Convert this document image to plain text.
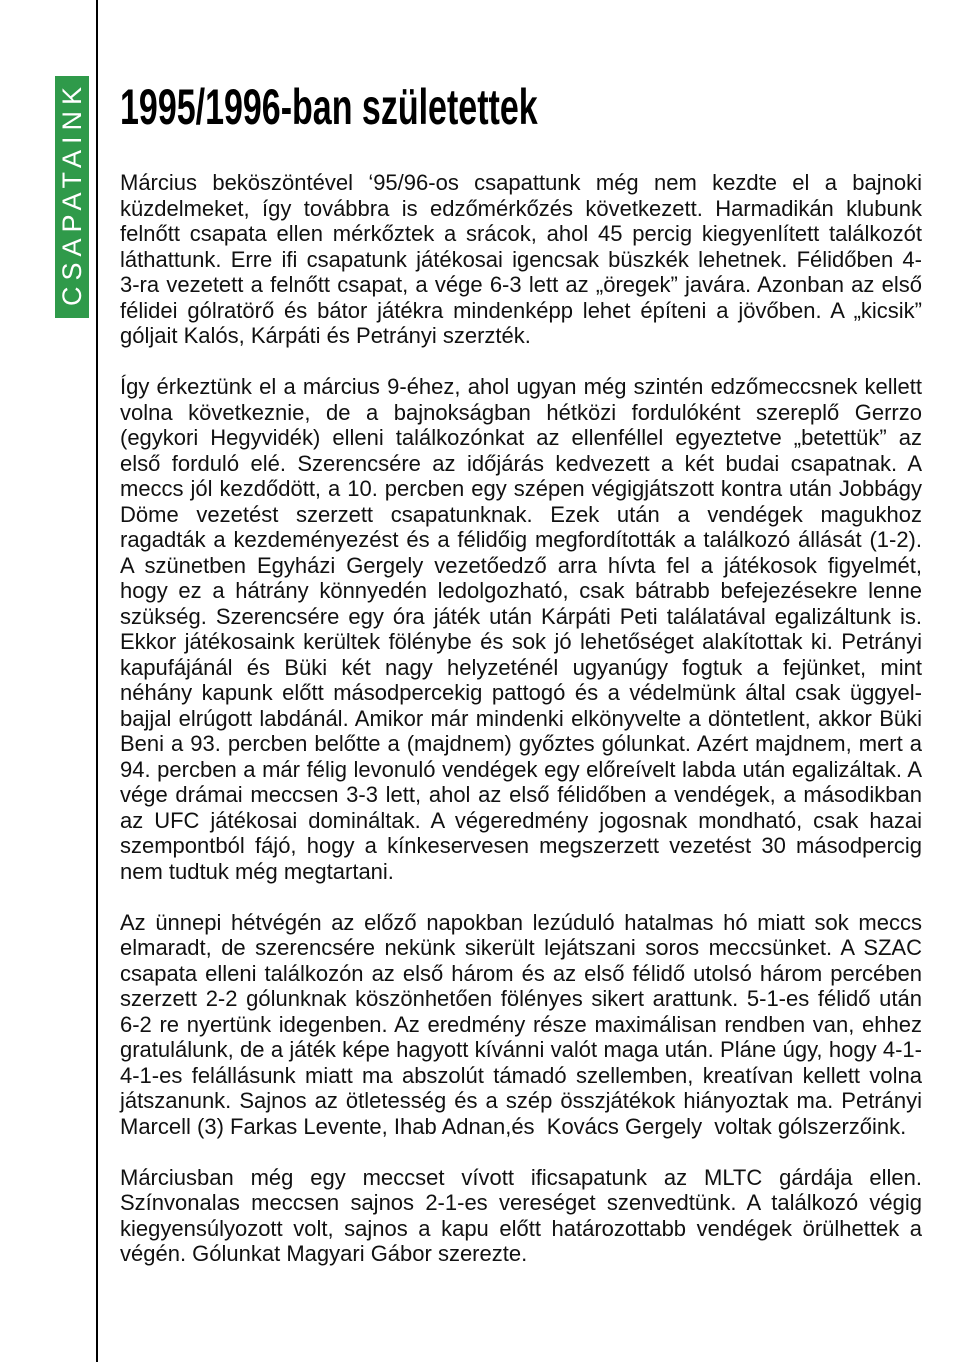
CSAPATAINK 1995/1996-ban születettek
Március beköszöntével ‘95/96-os csapattunk még nem kezdte el a bajnoki
küzdelmeket, így továbbra is edzőmérkőzés következett. Harmadikán klubunk
felnőtt csapata ellen mérkőztek a srácok, ahol 45 percig kiegyenlített találkozót
láthattunk. Erre ifi csapatunk játékosai igencsak büszkék lehetnek. Félidőben 4-
3-ra vezetett a felnőtt csapat, a vége 6-3 lett az „öregek” javára. Azonban az első
félidei gólratörő és bátor játékra mindenképp lehet építeni a jövőben. A „kicsik”
góljait Kalós, Kárpáti és Petrányi szerzték.
Így érkeztünk el a március 9-éhez, ahol ugyan még szintén edzőmeccsnek kellett
volna következnie, de a bajnokságban hétközi fordulóként szereplő Gerrzo
(egykori Hegyvidék) elleni találkozónkat az ellenféllel egyeztetve „betettük” az
első forduló elé. Szerencsére az időjárás kedvezett a két budai csapatnak. A
meccs jól kezdődött, a 10. percben egy szépen végigjátszott kontra után Jobbágy
Döme vezetést szerzett csapatunknak. Ezek után a vendégek magukhoz
ragadták a kezdeményezést és a félidőig megfordították a találkozó állását (1-2).
A szünetben Egyházi Gergely vezetőedző arra hívta fel a játékosok figyelmét,
hogy ez a hátrány könnyedén ledolgozható, csak bátrabb befejezésekre lenne
szükség. Szerencsére egy óra játék után Kárpáti Peti találatával egalizáltunk is.
Ekkor játékosaink kerültek fölénybe és sok jó lehetőséget alakítottak ki. Petrányi
kapufájánál és Büki két nagy helyzeténél ugyanúgy fogtuk a fejünket, mint
néhány kapunk előtt másodpercekig pattogó és a védelmünk által csak üggyel-
bajjal elrúgott labdánál. Amikor már mindenki elkönyvelte a döntetlent, akkor Büki
Beni a 93. percben belőtte a (majdnem) győztes gólunkat. Azért majdnem, mert a
94. percben a már félig levonuló vendégek egy előreívelt labda után egalizáltak. A
vége drámai meccsen 3-3 lett, ahol az első félidőben a vendégek, a másodikban
az UFC játékosai domináltak. A végeredmény jogosnak mondható, csak hazai
szempontból fájó, hogy a kínkeservesen megszerzett vezetést 30 másodpercig
nem tudtuk még megtartani.
Az ünnepi hétvégén az előző napokban lezúduló hatalmas hó miatt sok meccs
elmaradt, de szerencsére nekünk sikerült lejátszani soros meccsünket. A SZAC
csapata elleni találkozón az első három és az első félidő utolsó három percében
szerzett 2-2 gólunknak köszönhetően fölényes sikert arattunk. 5-1-es félidő után
6-2 re nyertünk idegenben. Az eredmény része maximálisan rendben van, ehhez
gratulálunk, de a játék képe hagyott kívánni valót maga után. Pláne úgy, hogy 4-1-
4-1-es felállásunk miatt ma abszolút támadó szellemben, kreatívan kellett volna
játszanunk. Sajnos az ötletesség és a szép összjátékok hiányoztak ma. Petrányi
Marcell (3) Farkas Levente, Ihab Adnan,és  Kovács Gergely  voltak gólszerzőink.
Márciusban még egy meccset vívott ificsapatunk az MLTC gárdája ellen.
Színvonalas meccsen sajnos 2-1-es vereséget szenvedtünk. A találkozó végig
kiegyensúlyozott volt, sajnos a kapu előtt határozottabb vendégek örülhettek a
végén. Gólunkat Magyari Gábor szerezte.
